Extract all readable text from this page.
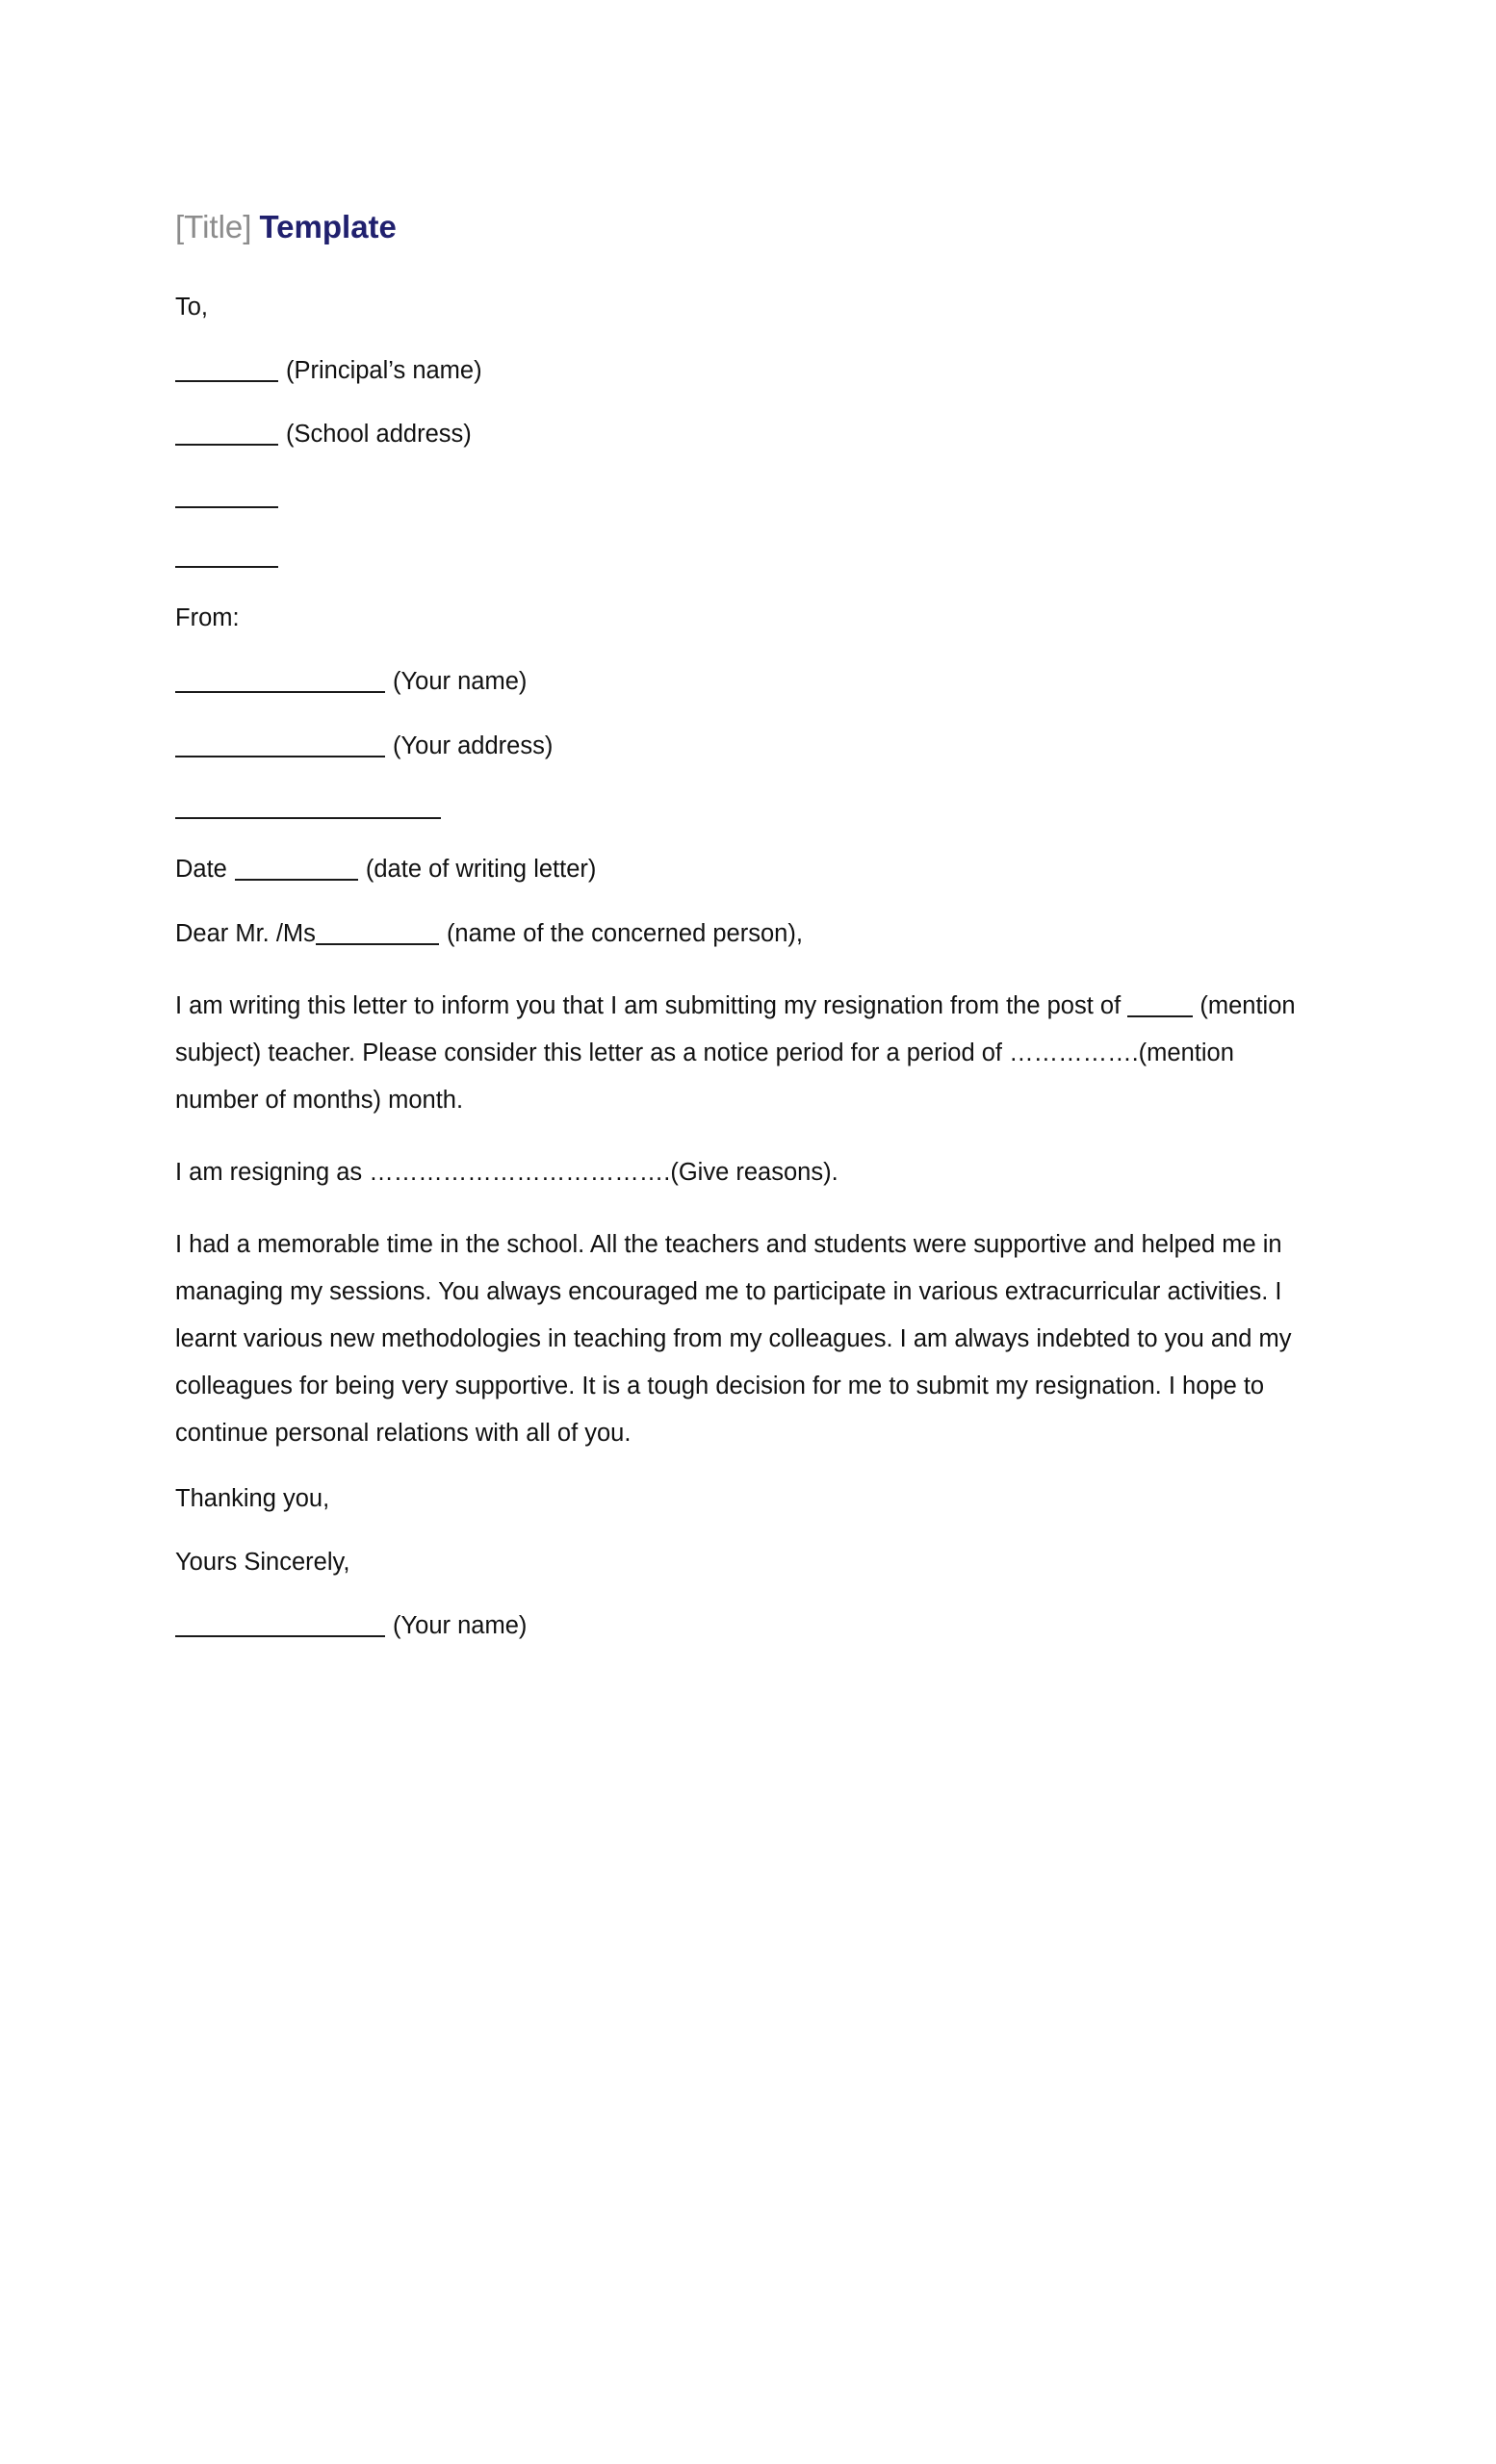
[Title] Template

To,

(Principal’s name)

(School address)

From:

(Your name)

(Your address)

Date	(date of writing letter)

Dear Mr. /Ms	(name of the concerned person),

I am writing this letter to inform you that I am submitting my resignation from the post of	(mention subject) teacher. Please consider this letter as a notice period for a period of …………….(mention number of months) month.

I am resigning as ……………………………….(Give reasons).

I had a memorable time in the school. All the teachers and students were supportive and helped me in managing my sessions. You always encouraged me to participate in various extracurricular activities. I learnt various new methodologies in teaching from my colleagues. I am always indebted to you and my colleagues for being very supportive. It is a tough decision for me to submit my resignation. I hope to continue personal relations with all of you.

Thanking you,

Yours Sincerely,

(Your name)
